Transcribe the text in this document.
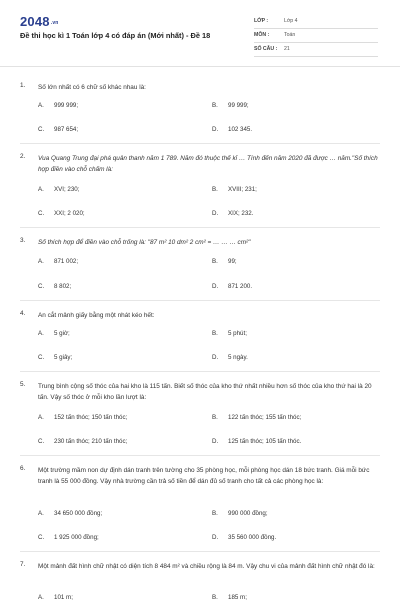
2048.vn
Đề thi học kì 1 Toán lớp 4 có đáp án (Mới nhất) - Đề 18
LỚP :	Lớp 4
MÔN :	Toán
SỐ CÂU : 21
1. Số lớn nhất có 6 chữ số khác nhau là:
A. 999 999;	B. 99 999;
C. 987 654;	D. 102 345.
2. Vua Quang Trung đại phá quân thanh năm 1 789. Năm đó thuộc thế kỉ … Tính đến năm 2020 đã được … năm."Số thích hợp điền vào chỗ chấm là:
A. XVI; 230;	B. XVIII; 231;
C. XXI; 2 020;	D. XIX; 232.
3. Số thích hợp để điền vào chỗ trống là: "87 m² 10 dm² 2 cm² = … … … cm²"
A. 871 002;	B. 99;
C. 8 802;	D. 871 200.
4. An cắt mảnh giấy bằng một nhát kéo hết:
A. 5 giờ;	B. 5 phút;
C. 5 giây;	D. 5 ngày.
5. Trung bình cộng số thóc của hai kho là 115 tấn. Biết số thóc của kho thứ nhất nhiều hơn số thóc của kho thứ hai là 20 tấn. Vậy số thóc ở mỗi kho lần lượt là:
A. 152 tấn thóc; 150 tấn thóc;	B. 122 tấn thóc; 155 tấn thóc;
C. 230 tấn thóc; 210 tấn thóc;	D. 125 tấn thóc; 105 tấn thóc.
6. Một trường mầm non dự định dán tranh trên tường cho 35 phòng học, mỗi phòng học dán 18 bức tranh. Giá mỗi bức tranh là 55 000 đồng. Vậy nhà trường cần trả số tiền để dán đủ số tranh cho tất cả các phòng học là:
A. 34 650 000 đồng;	B. 990 000 đồng;
C. 1 925 000 đồng;	D. 35 560 000 đồng.
7. Một mảnh đất hình chữ nhật có diện tích 8 484 m² và chiều rộng là 84 m. Vậy chu vi của mảnh đất hình chữ nhật đó là:
A. 101 m;	B. 185 m;
